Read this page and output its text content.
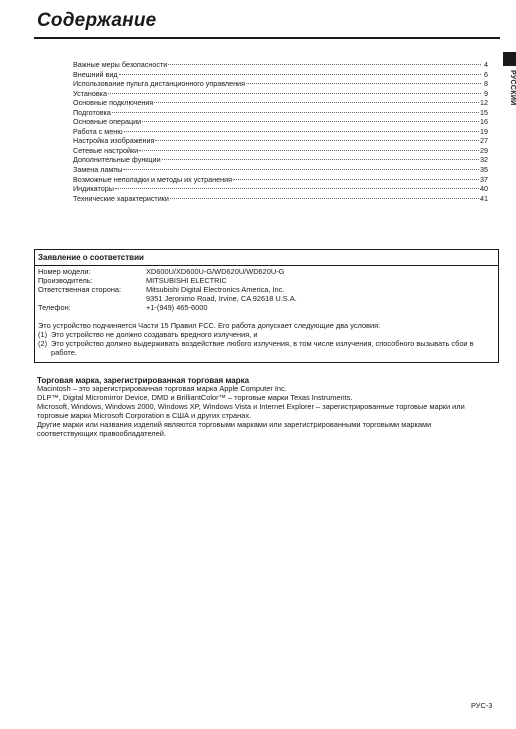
Содержание
РУССКИЙ
Важные меры безопасности	4
Внешний вид	6
Использование пульта дистанционного управления	8
Установка	9
Основные подключения	12
Подготовка	15
Основные операции	16
Работа с меню	19
Настройка изображения	27
Сетевые настройки	29
Дополнительные функции	32
Замена лампы	35
Возможные неполадки и методы их устранения	37
Индикаторы	40
Технические характеристики	41
Заявление о соответствии
Номер модели:	XD600U/XD600U-G/WD620U/WD620U-G
Производитель:	MITSUBISHI ELECTRIC
Ответственная сторона:	Mitsubishi Digital Electronics America, Inc.
9351 Jeronimo Road, Irvine, CA 92618 U.S.A.
Телефон:	+1-(949) 465-6000
Это устройство подчиняется Части 15 Правил FCC. Его работа допускает следующие два условия:
(1) Это устройство не должно создавать вредного излучения, и
(2) Это устройство должно выдерживать воздействие любого излучения, в том числе излучения, способного вызывать сбои в работе.
Торговая марка, зарегистрированная торговая марка
Macintosh – это зарегистрированная торговая марка Apple Computer Inc.
DLP™, Digital Micromirror Device, DMD и BrilliantColor™ – торговые марки Texas Instruments.
Microsoft, Windows, Windows 2000, Windows XP, Windows Vista и Internet Explorer – зарегистрированные торговые марки или торговые марки Microsoft Corporation в США и других странах.
Другие марки или названия изделий являются торговыми марками или зарегистрированными торговыми марками соответствующих правообладателей.
РУС-3
